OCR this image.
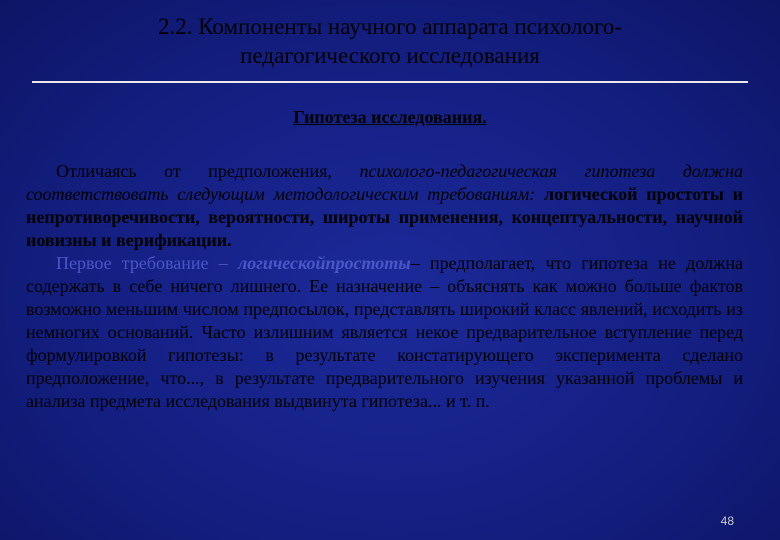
2.2. Компоненты научного аппарата психолого-
педагогического исследования
Гипотеза исследования.

Отличаясь от предположения, психолого-педагогическая гипотеза должна соответствовать следующим методологическим требованиям: логической простоты и непротиворечивости, вероятности, широты применения, концептуальности, научной новизны и верификации.

Первое требование – логическойпростоты– предполагает, что гипотеза не должна содержать в себе ничего лишнего. Ее назначение – объяснять как можно больше фактов возможно меньшим числом предпосылок, представлять широкий класс явлений, исходить из немногих оснований. Часто излишним является некое предварительное вступление перед формулировкой гипотезы: в результате констатирующего эксперимента сделано предположение, что..., в результате предварительного изучения указанной проблемы и анализа предмета исследования выдвинута гипотеза... и т. п.

48
